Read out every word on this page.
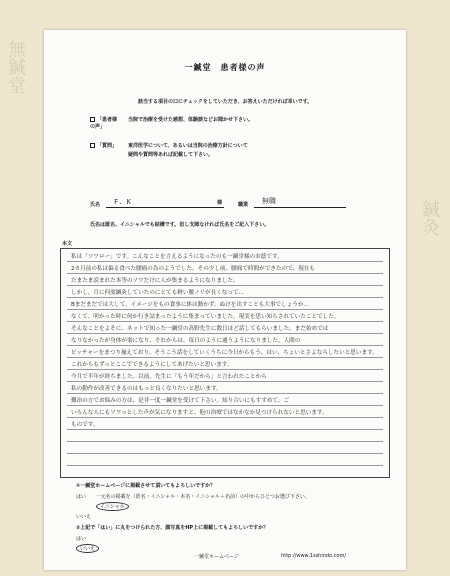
無鍼堂
鍼灸
一鍼堂　患者様の声
該当する項目の口にチェックをしていただき、お答えいただければ幸いです。
「患者様の声」
当院で治療を受けた感想、体験談などお聞かせ下さい。
「質問」	東洋医学について、あるいは当院の治療方針について
疑問や質問等あれば記載して下さい。
氏名 F. K	様	職業 無職
氏名は匿名、イニシャルでも結構です。但し支障なければ氏名をご記入下さい。
本文
私は「ソワロー」です。こんなことを言えるようになったのも一鍼堂様のお蔭です。
2カ月前の私は偏る食べた腰痛の為のようでした。その少し前、腰痛で時間ができたので、現在も
たまたま読まれた本等のソワだけに人が集まるようになりました。
しかし、月に何度鍼灸していたのにとても軽い腰ノリが長くなって...
Bまだまだでは大して、イメージをもの食事に体は動かず、ぬけを出すことも大事でしょうか...
なくて、明かった時に何か行き詰まったように集まっていました。現実を思い知らされていたことでした。
そんなことをよそに、ネットで知った一鍼堂の高野先生に数日ほど話してもらいました。まだ始めでは
なりなかったが身体が楽になり、それからは、毎日のように通うようになりました。人間の
ピッチャーをまつり揃えており、そうこう話をしていくうちに今日からもう、はい、ちょいとさよならしたいと思います。
これからもずっとここでできるようにしてあげたいと思います。
今月で半年が経ちました。以前、先生に「もう年だから」と言われたことから
私の動作が改善できるのはもっと良くなりたいと思います。
難治の方でお悩みの方は、是非一度一鍼堂を受けて下さい。知り合いにもすすめて、ご
いろんな人にもソワっとした声が気になりますと、他の治療ではなかなか見つけられないと思います。
ものです。
①一鍼堂ホームページに掲載させて頂いてもよろしいですか？
はい 一元名の掲載を（匿名・イニシャル・本名・イニシャル＋名前）の中からひとつお選び下さい。
イニシャル
いいえ
②上記で「はい」に丸をつけられた方、顔写真をHP上に掲載してもよろしいですか？
はい
いいえ
一鍼堂ホームページ	http://www.1sshindo.com/
